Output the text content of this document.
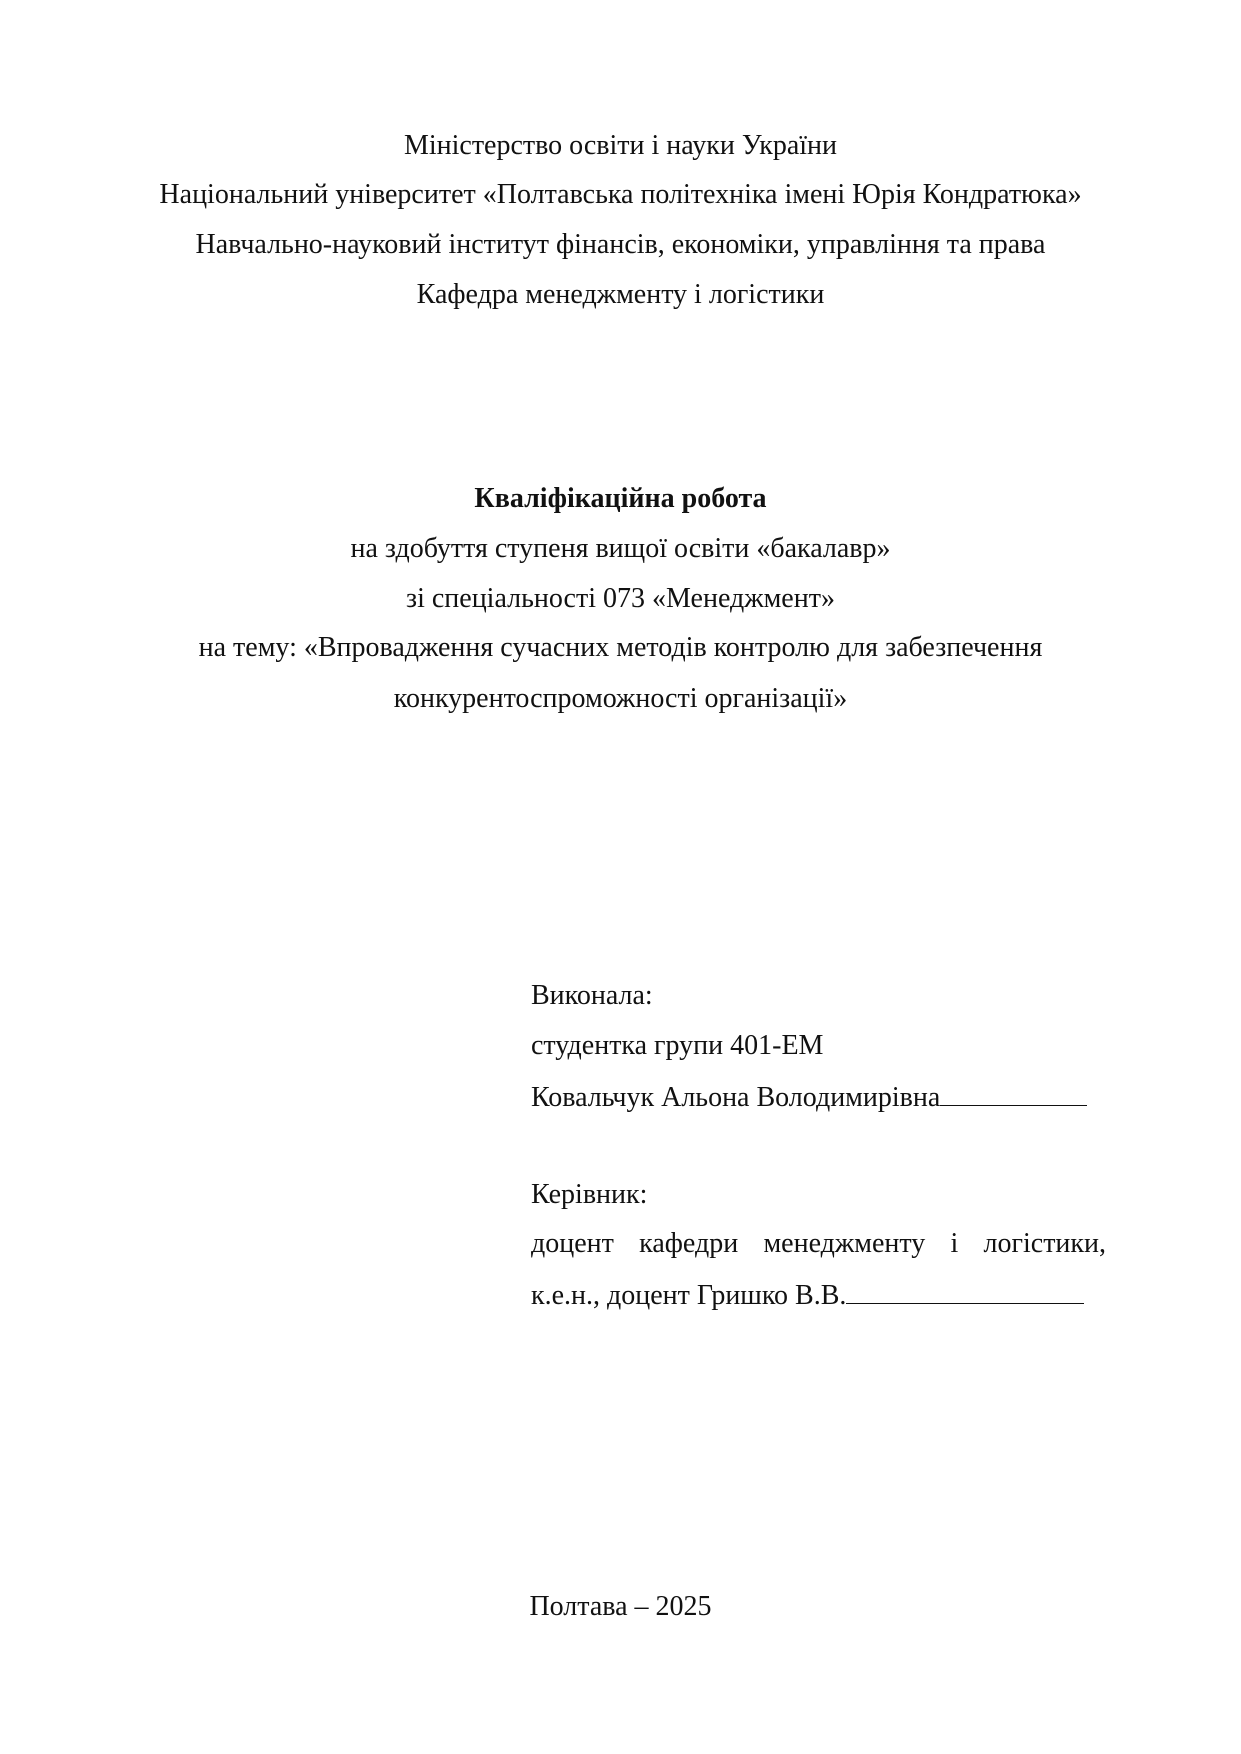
Міністерство освіти і науки України
Національний університет «Полтавська політехніка імені Юрія Кондратюка»
Навчально-науковий інститут фінансів, економіки, управління та права
Кафедра менеджменту і логістики
Кваліфікаційна робота
на здобуття ступеня вищої освіти «бакалавр»
зі спеціальності 073 «Менеджмент»
на тему: «Впровадження сучасних методів контролю для забезпечення
конкурентоспроможності організації»
Виконала:
студентка групи 401-ЕМ
Ковальчук Альона Володимирівна
Керівник:
доцент кафедри менеджменту і логістики,
к.е.н., доцент Гришко В.В.
Полтава – 2025
